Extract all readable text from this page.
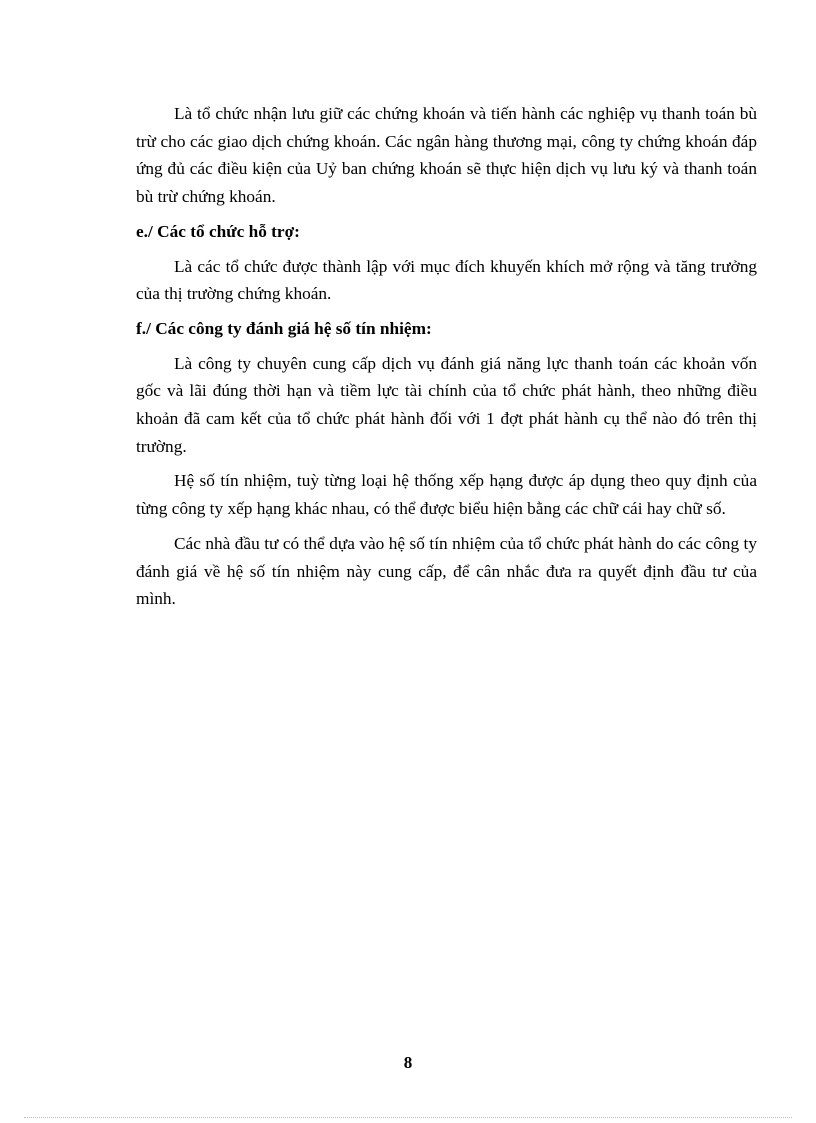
Là tổ chức nhận lưu giữ các chứng khoán và tiến hành các nghiệp vụ thanh toán bù trừ cho các giao dịch chứng khoán. Các ngân hàng thương mại, công ty chứng khoán đáp ứng đủ các điều kiện của Uỷ ban chứng khoán sẽ thực hiện dịch vụ lưu ký và thanh toán bù trừ chứng khoán.

e./ Các tổ chức hỗ trợ:

Là các tổ chức được thành lập với mục đích khuyến khích mở rộng và tăng trưởng của thị trường chứng khoán.

f./ Các công ty đánh giá hệ số tín nhiệm:

Là công ty chuyên cung cấp dịch vụ đánh giá năng lực thanh toán các khoản vốn gốc và lãi đúng thời hạn và tiềm lực tài chính của tổ chức phát hành, theo những điều khoản đã cam kết của tổ chức phát hành đối với 1 đợt phát hành cụ thể nào đó trên thị trường.

Hệ số tín nhiệm, tuỳ từng loại hệ thống xếp hạng được áp dụng theo quy định của từng công ty xếp hạng khác nhau, có thể được biểu hiện bằng các chữ cái hay chữ số.

Các nhà đầu tư có thể dựa vào hệ số tín nhiệm của tổ chức phát hành do các công ty đánh giá về hệ số tín nhiệm này cung cấp, để cân nhắc đưa ra quyết định đầu tư của mình.

8
